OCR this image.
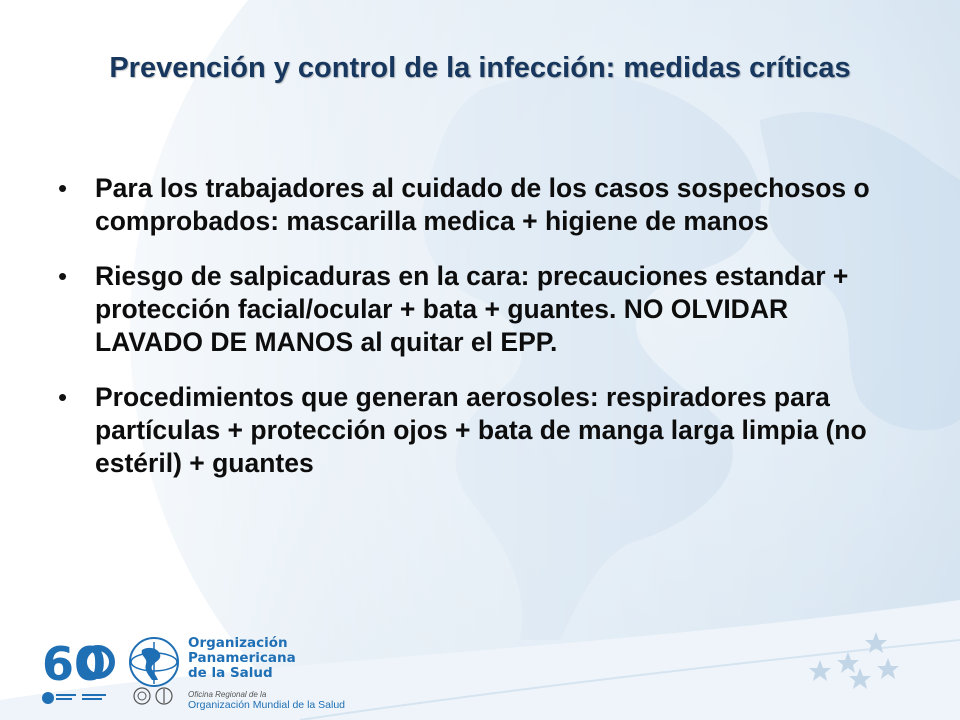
Prevención y control de la infección: medidas críticas
• Para los trabajadores al cuidado de los casos sospechosos o comprobados: mascarilla medica + higiene de manos
• Riesgo de salpicaduras en la cara: precauciones estandar + protección facial/ocular + bata + guantes. NO OLVIDAR LAVADO DE MANOS al quitar el EPP.
• Procedimientos que generan aerosoles: respiradores para partículas + protección ojos + bata de manga larga limpia (no estéril) + guantes
60	Organización
Panamericana
de la Salud
Oficina Regional de la
Organización Mundial de la Salud
